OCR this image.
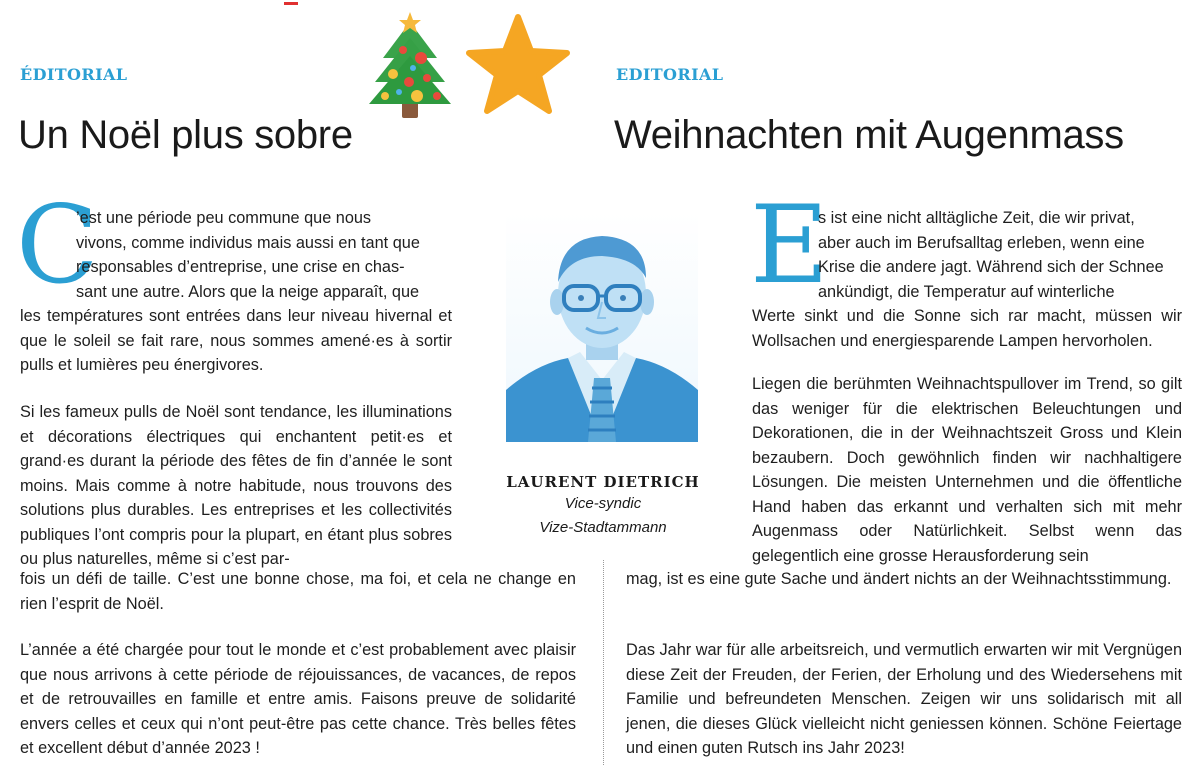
ÉDITORIAL
Un Noël plus sobre
EDITORIAL
Weihnachten mit Augenmass
C
’est une période peu commune que nous
vivons, comme individus mais aussi en tant que
responsables d’entreprise, une crise en chas-
sant une autre. Alors que la neige apparaît, que

les températures sont entrées dans leur niveau hivernal et que le soleil se fait rare, nous sommes amené·es à sortir pulls et lumières peu énergivores.

Si les fameux pulls de Noël sont tendance, les illuminations et décorations électriques qui enchantent petit·es et grand·es durant la période des fêtes de fin d’année le sont moins. Mais comme à notre habitude, nous trouvons des solutions plus durables. Les entreprises et les collectivités publiques l’ont compris pour la plupart, en étant plus sobres ou plus naturelles, même si c’est par-

fois un défi de taille. C’est une bonne chose, ma foi, et cela ne change en rien l’esprit de Noël.

L’année a été chargée pour tout le monde et c’est probablement avec plaisir que nous arrivons à cette période de réjouissances, de vacances, de repos et de retrouvailles en famille et entre amis. Faisons preuve de solidarité envers celles et ceux qui n’ont peut-être pas cette chance. Très belles fêtes et excellent début d’année 2023 !

LAURENT DIETRICH
Vice-syndic
Vize-Stadtammann
E
s ist eine nicht alltägliche Zeit, die wir privat,
aber auch im Berufsalltag erleben, wenn eine
Krise die andere jagt. Während sich der Schnee
ankündigt, die Temperatur auf winterliche

Werte sinkt und die Sonne sich rar macht, müssen wir Wollsachen und energiesparende Lampen hervorholen.

Liegen die berühmten Weihnachtspullover im Trend, so gilt das weniger für die elektrischen Beleuchtungen und Dekorationen, die in der Weihnachtszeit Gross und Klein bezaubern. Doch gewöhnlich finden wir nachhaltigere Lösungen. Die meisten Unternehmen und die öffentliche Hand haben das erkannt und verhalten sich mit mehr Augenmass oder Natürlichkeit. Selbst wenn das gelegentlich eine grosse Herausforderung sein

mag, ist es eine gute Sache und ändert nichts an der Weihnachtsstimmung.

Das Jahr war für alle arbeitsreich, und vermutlich erwarten wir mit Vergnügen diese Zeit der Freuden, der Ferien, der Erholung und des Wiedersehens mit Familie und befreundeten Menschen. Zeigen wir uns solidarisch mit all jenen, die dieses Glück vielleicht nicht geniessen können. Schöne Feiertage und einen guten Rutsch ins Jahr 2023!
